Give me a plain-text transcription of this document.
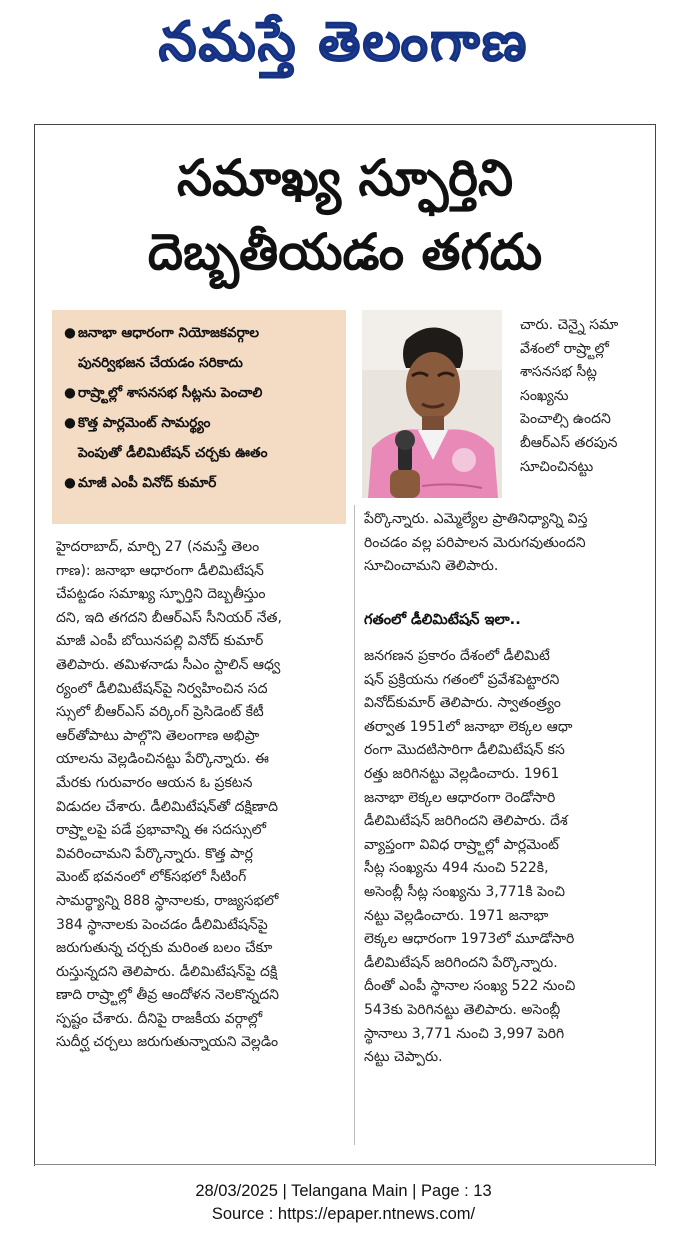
నమస్తే తెలంగాణ
సమాఖ్య స్ఫూర్తిని
దెబ్బతీయడం తగదు
● జనాభా ఆధారంగా నియోజకవర్గాల
పునర్విభజన చేయడం సరికాదు
● రాష్ర్టాల్లో శాసనసభ సీట్లను పెంచాలి
● కొత్త పార్లమెంట్ సామర్థ్యం
పెంపుతో డీలిమిటేషన్ చర్చకు ఊతం
● మాజీ ఎంపీ వినోద్ కుమార్
చారు. చెన్నై సమా
వేశంలో రాష్ర్టాల్లో
శాసనసభ సీట్ల
సంఖ్యను
పెంచాల్సి ఉందని
బీఆర్ఎస్ తరపున
సూచించినట్టు
పేర్కొన్నారు. ఎమ్మెల్యేల ప్రాతినిధ్యాన్ని విస్త
రించడం వల్ల పరిపాలన మెరుగవుతుందని
సూచించామని తెలిపారు.
గతంలో డీలిమిటేషన్ ఇలా..
హైదరాబాద్, మార్చి 27 (నమస్తే తెలం
గాణ): జనాభా ఆధారంగా డీలిమిటేషన్
చేపట్టడం సమాఖ్య స్ఫూర్తిని దెబ్బతీస్తుం
దని, ఇది తగదని బీఆర్ఎస్ సీనియర్ నేత,
మాజీ ఎంపీ బోయినపల్లి వినోద్ కుమార్
తెలిపారు. తమిళనాడు సీఎం స్టాలిన్ ఆధ్వ
ర్యంలో డీలిమిటేషన్‌పై నిర్వహించిన సద
స్సులో బీఆర్ఎస్ వర్కింగ్ ప్రెసిడెంట్ కేటీ
ఆర్‌తోపాటు పాల్గొని తెలంగాణ అభిప్రా
యాలను వెల్లడించినట్టు పేర్కొన్నారు. ఈ
మేరకు గురువారం ఆయన ఓ ప్రకటన
విడుదల చేశారు. డీలిమిటేషన్‌తో దక్షిణాది
రాష్ర్టాలపై పడే ప్రభావాన్ని ఈ సదస్సులో
వివరించామని పేర్కొన్నారు. కొత్త పార్ల
మెంట్ భవనంలో లోక్‌సభలో సీటింగ్
సామర్థ్యాన్ని 888 స్థానాలకు, రాజ్యసభలో
384 స్థానాలకు పెంచడం డీలిమిటేషన్‌పై
జరుగుతున్న చర్చకు మరింత బలం చేకూ
రుస్తున్నదని తెలిపారు. డీలిమిటేషన్‌పై దక్షి
ణాది రాష్ర్టాల్లో తీవ్ర ఆందోళన నెలకొన్నదని
స్పష్టం చేశారు. దీనిపై రాజకీయ వర్గాల్లో
సుదీర్ఘ చర్చలు జరుగుతున్నాయని వెల్లడిం
జనగణన ప్రకారం దేశంలో డీలిమిటే
షన్ ప్రక్రియను గతంలో ప్రవేశపెట్టారని
వినోద్‌కుమార్ తెలిపారు. స్వాతంత్ర్యం
తర్వాత 1951లో జనాభా లెక్కల ఆధా
రంగా మొదటిసారిగా డీలిమిటేషన్ కస
రత్తు జరిగినట్టు వెల్లడించారు. 1961
జనాభా లెక్కల ఆధారంగా రెండోసారి
డీలిమిటేషన్ జరిగిందని తెలిపారు. దేశ
వ్యాప్తంగా వివిధ రాష్ర్టాల్లో పార్లమెంట్
సీట్ల సంఖ్యను 494 నుంచి 522కి,
అసెంబ్లీ సీట్ల సంఖ్యను 3,771కి పెంచి
నట్టు వెల్లడించారు. 1971 జనాభా
లెక్కల ఆధారంగా 1973లో మూడోసారి
డీలిమిటేషన్ జరిగిందని పేర్కొన్నారు.
దీంతో ఎంపీ స్థానాల సంఖ్య 522 నుంచి
543కు పెరిగినట్టు తెలిపారు. అసెంబ్లీ
స్థానాలు 3,771 నుంచి 3,997 పెరిగి
నట్టు చెప్పారు.
28/03/2025 | Telangana Main | Page : 13
Source : https://epaper.ntnews.com/
